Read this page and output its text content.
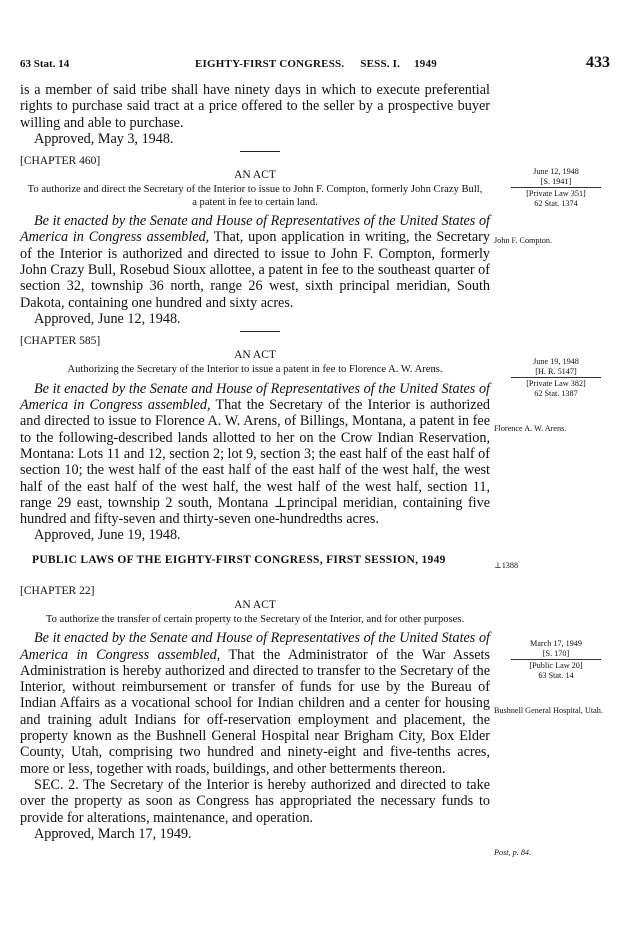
63 Stat. 14	EIGHTY-FIRST CONGRESS. SESS. I. 1949	433

is a member of said tribe shall have ninety days in which to execute preferential rights to purchase said tract at a price offered to the seller by a prospective buyer willing and able to purchase.

Approved, May 3, 1948.

[CHAPTER 460]

AN ACT

To authorize and direct the Secretary of the Interior to issue to John F. Compton, formerly John Crazy Bull, a patent in fee to certain land.

Be it enacted by the Senate and House of Representatives of the United States of America in Congress assembled, That, upon application in writing, the Secretary of the Interior is authorized and directed to issue to John F. Compton, formerly John Crazy Bull, Rosebud Sioux allottee, a patent in fee to the southeast quarter of section 32, township 36 north, range 26 west, sixth principal meridian, South Dakota, containing one hundred and sixty acres.

Approved, June 12, 1948.

[CHAPTER 585]

AN ACT

Authorizing the Secretary of the Interior to issue a patent in fee to Florence A. W. Arens.

Be it enacted by the Senate and House of Representatives of the United States of America in Congress assembled, That the Secretary of the Interior is authorized and directed to issue to Florence A. W. Arens, of Billings, Montana, a patent in fee to the following-described lands allotted to her on the Crow Indian Reservation, Montana: Lots 11 and 12, section 2; lot 9, section 3; the east half of the east half of section 10; the west half of the east half of the east half of the west half, the west half of the east half of the west half, the west half of the west half, section 11, range 29 east, township 2 south, Montana ⊥principal meridian, containing five hundred and fifty-seven and thirty-seven one-hundredths acres.

Approved, June 19, 1948.

PUBLIC LAWS OF THE EIGHTY-FIRST CONGRESS, FIRST SESSION, 1949

[CHAPTER 22]

AN ACT

To authorize the transfer of certain property to the Secretary of the Interior, and for other purposes.

Be it enacted by the Senate and House of Representatives of the United States of America in Congress assembled, That the Administrator of the War Assets Administration is hereby authorized and directed to transfer to the Secretary of the Interior, without reimbursement or transfer of funds for use by the Bureau of Indian Affairs as a vocational school for Indian children and a center for housing and training adult Indians for off-reservation employment and placement, the property known as the Bushnell General Hospital near Brigham City, Box Elder County, Utah, comprising two hundred and ninety-eight and five-tenths acres, more or less, together with roads, buildings, and other betterments thereon.

SEC. 2. The Secretary of the Interior is hereby authorized and directed to take over the property as soon as Congress has appropriated the necessary funds to provide for alterations, maintenance, and operation.

Approved, March 17, 1949.

June 12, 1948
[S. 1941]
[Private Law 351]
62 Stat. 1374
John F. Compton.
June 19, 1948
[H. R. 5147]
[Private Law 382]
62 Stat. 1387
Florence A. W. Arens.
⊥1388
March 17, 1949
[S. 170]
[Public Law 20]
63 Stat. 14
Bushnell General Hospital, Utah.
Post, p. 84.
